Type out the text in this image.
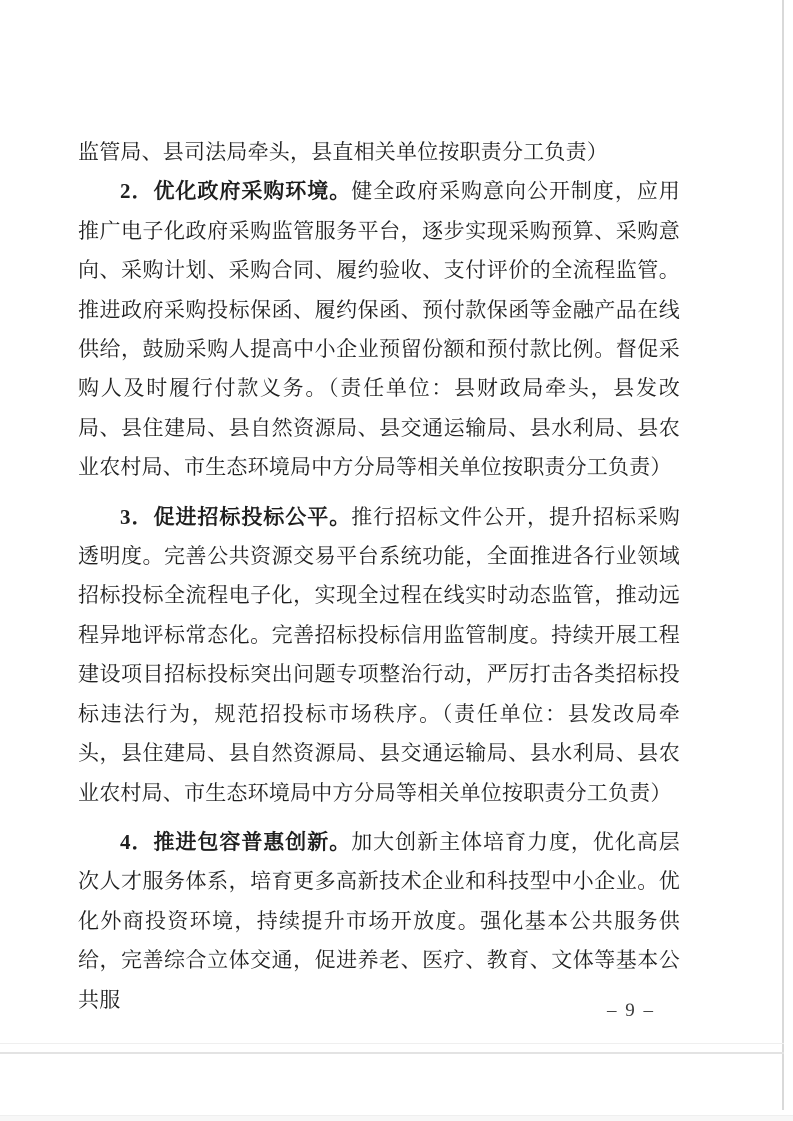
监管局、县司法局牵头，县直相关单位按职责分工负责）

2．优化政府采购环境。健全政府采购意向公开制度，应用推广电子化政府采购监管服务平台，逐步实现采购预算、采购意向、采购计划、采购合同、履约验收、支付评价的全流程监管。推进政府采购投标保函、履约保函、预付款保函等金融产品在线供给，鼓励采购人提高中小企业预留份额和预付款比例。督促采购人及时履行付款义务。（责任单位：县财政局牵头，县发改局、县住建局、县自然资源局、县交通运输局、县水利局、县农业农村局、市生态环境局中方分局等相关单位按职责分工负责）

3．促进招标投标公平。推行招标文件公开，提升招标采购透明度。完善公共资源交易平台系统功能，全面推进各行业领域招标投标全流程电子化，实现全过程在线实时动态监管，推动远程异地评标常态化。完善招标投标信用监管制度。持续开展工程建设项目招标投标突出问题专项整治行动，严厉打击各类招标投标违法行为，规范招投标市场秩序。（责任单位：县发改局牵头，县住建局、县自然资源局、县交通运输局、县水利局、县农业农村局、市生态环境局中方分局等相关单位按职责分工负责）

4．推进包容普惠创新。加大创新主体培育力度，优化高层次人才服务体系，培育更多高新技术企业和科技型中小企业。优化外商投资环境，持续提升市场开放度。强化基本公共服务供给，完善综合立体交通，促进养老、医疗、教育、文体等基本公共服	– 9 –
